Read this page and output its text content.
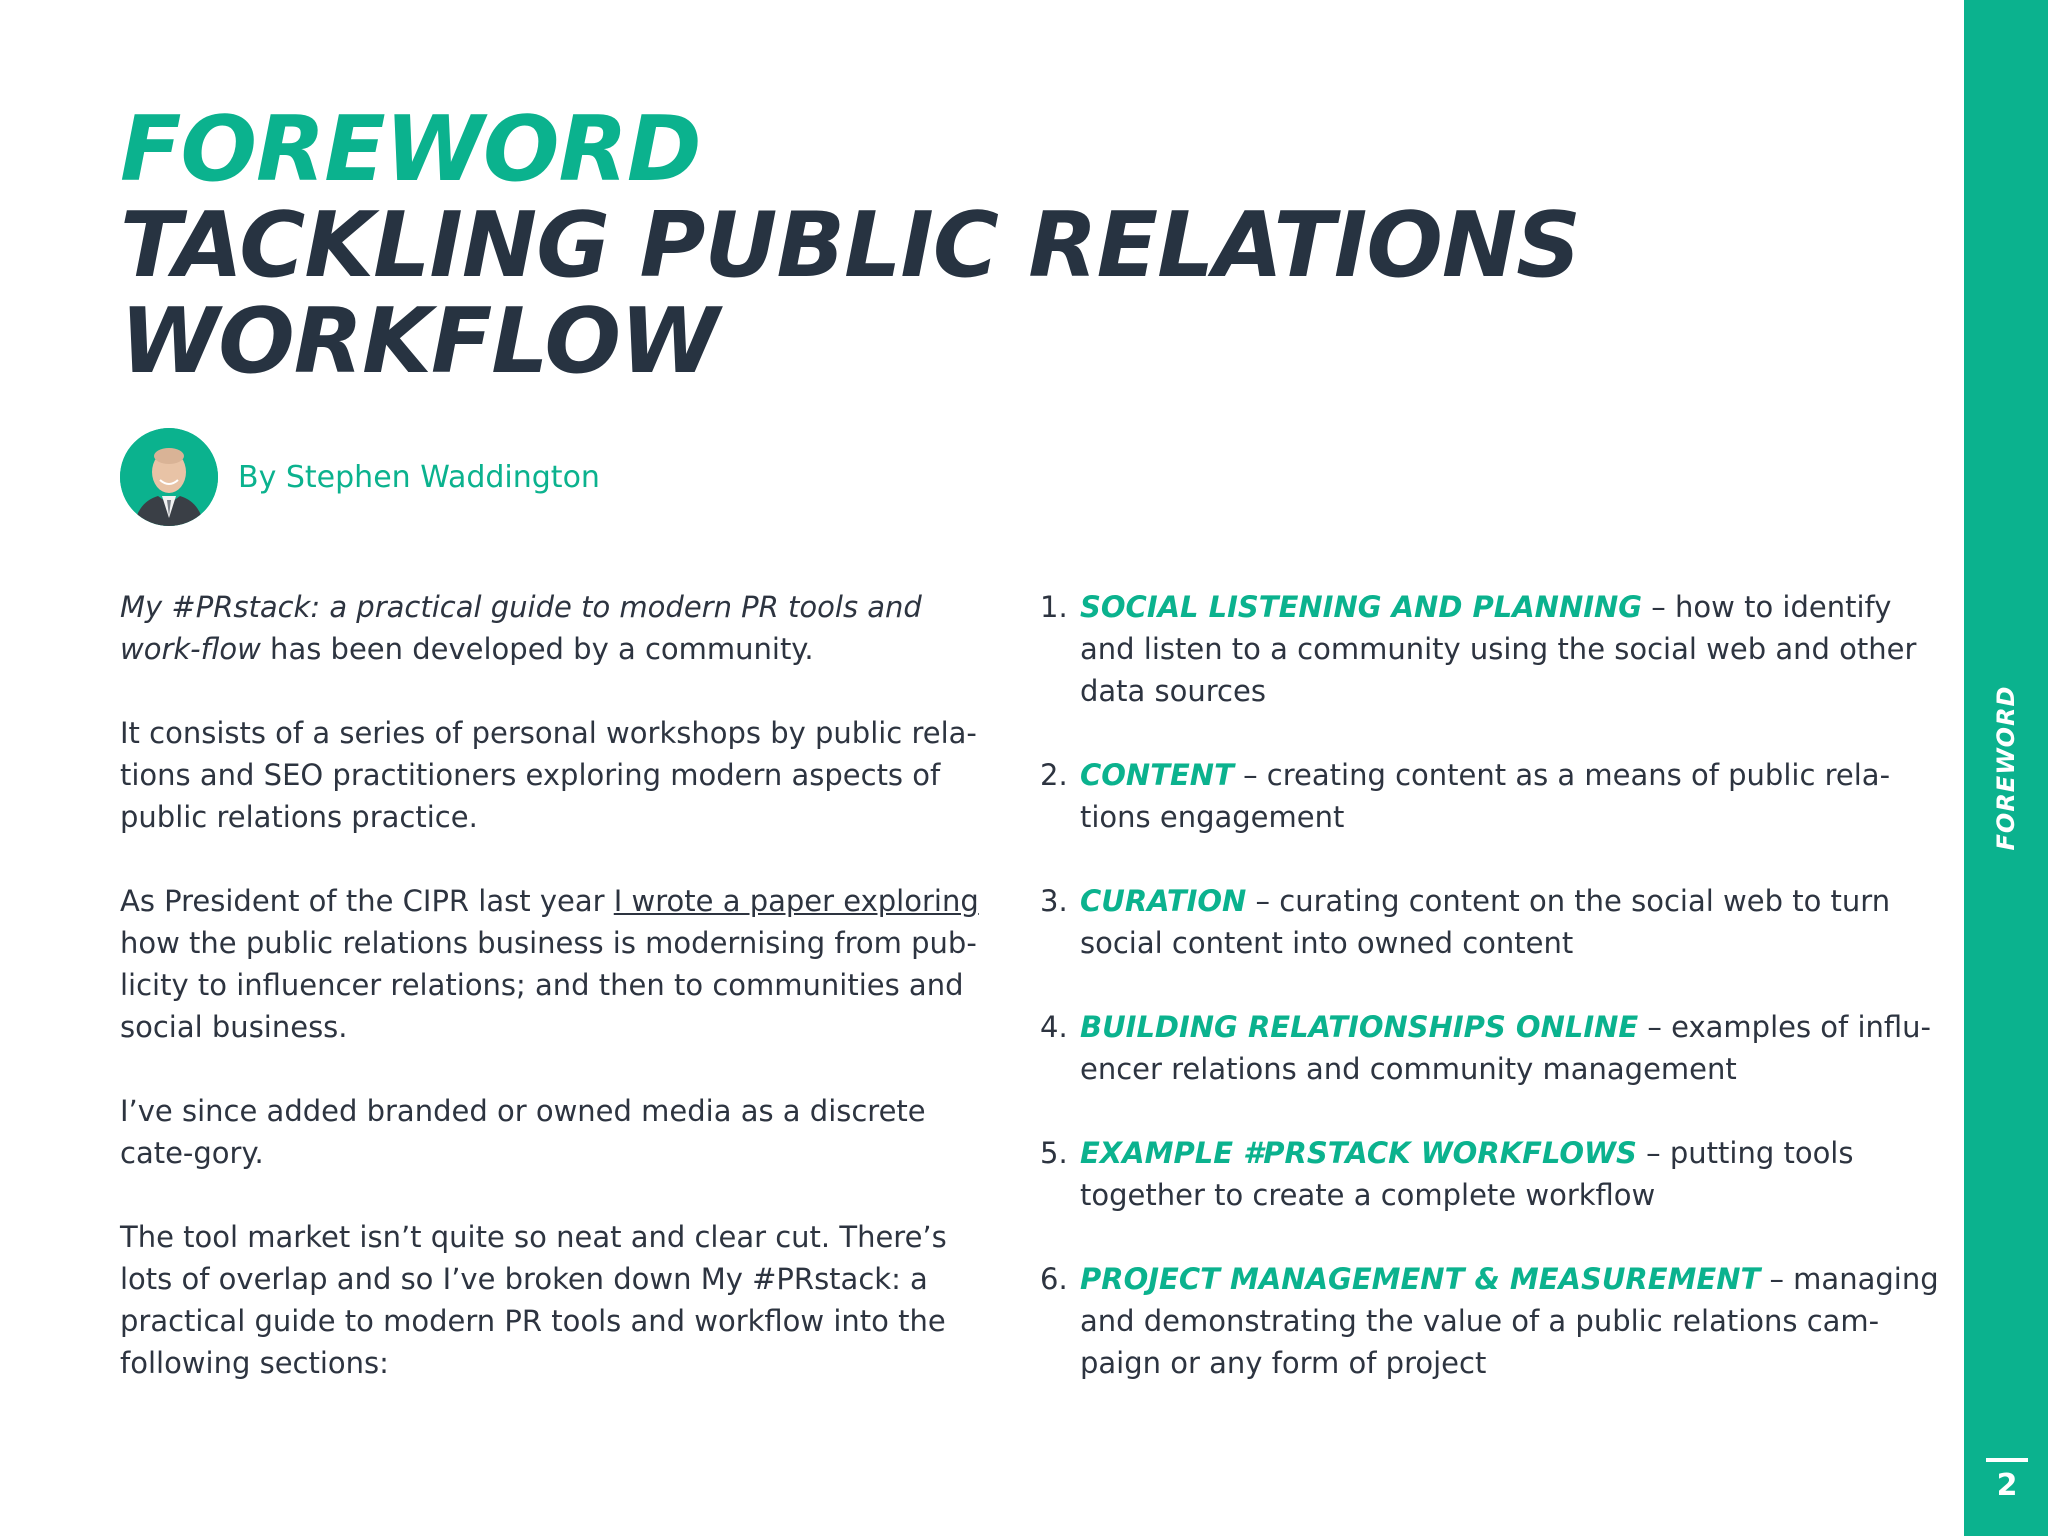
FOREWORD
TACKLING PUBLIC RELATIONS WORKFLOW
By Stephen Waddington

My #PRstack: a practical guide to modern PR tools and work-flow has been developed by a community.

It consists of a series of personal workshops by public rela-tions and SEO practitioners exploring modern aspects of public relations practice.

As President of the CIPR last year I wrote a paper exploring how the public relations business is modernising from pub-licity to influencer relations; and then to communities and social business.

I’ve since added branded or owned media as a discrete cate-gory.

The tool market isn’t quite so neat and clear cut. There’s lots of overlap and so I’ve broken down My #PRstack: a practical guide to modern PR tools and workflow into the following sections:

1. SOCIAL LISTENING AND PLANNING – how to identify and listen to a community using the social web and other data sources
2. CONTENT – creating content as a means of public rela-tions engagement
3. CURATION – curating content on the social web to turn social content into owned content
4. BUILDING RELATIONSHIPS ONLINE – examples of influ-encer relations and community management
5. EXAMPLE #PRSTACK WORKFLOWS – putting tools together to create a complete workflow
6. PROJECT MANAGEMENT & MEASUREMENT – managing and demonstrating the value of a public relations cam-paign or any form of project
FOREWORD
2
